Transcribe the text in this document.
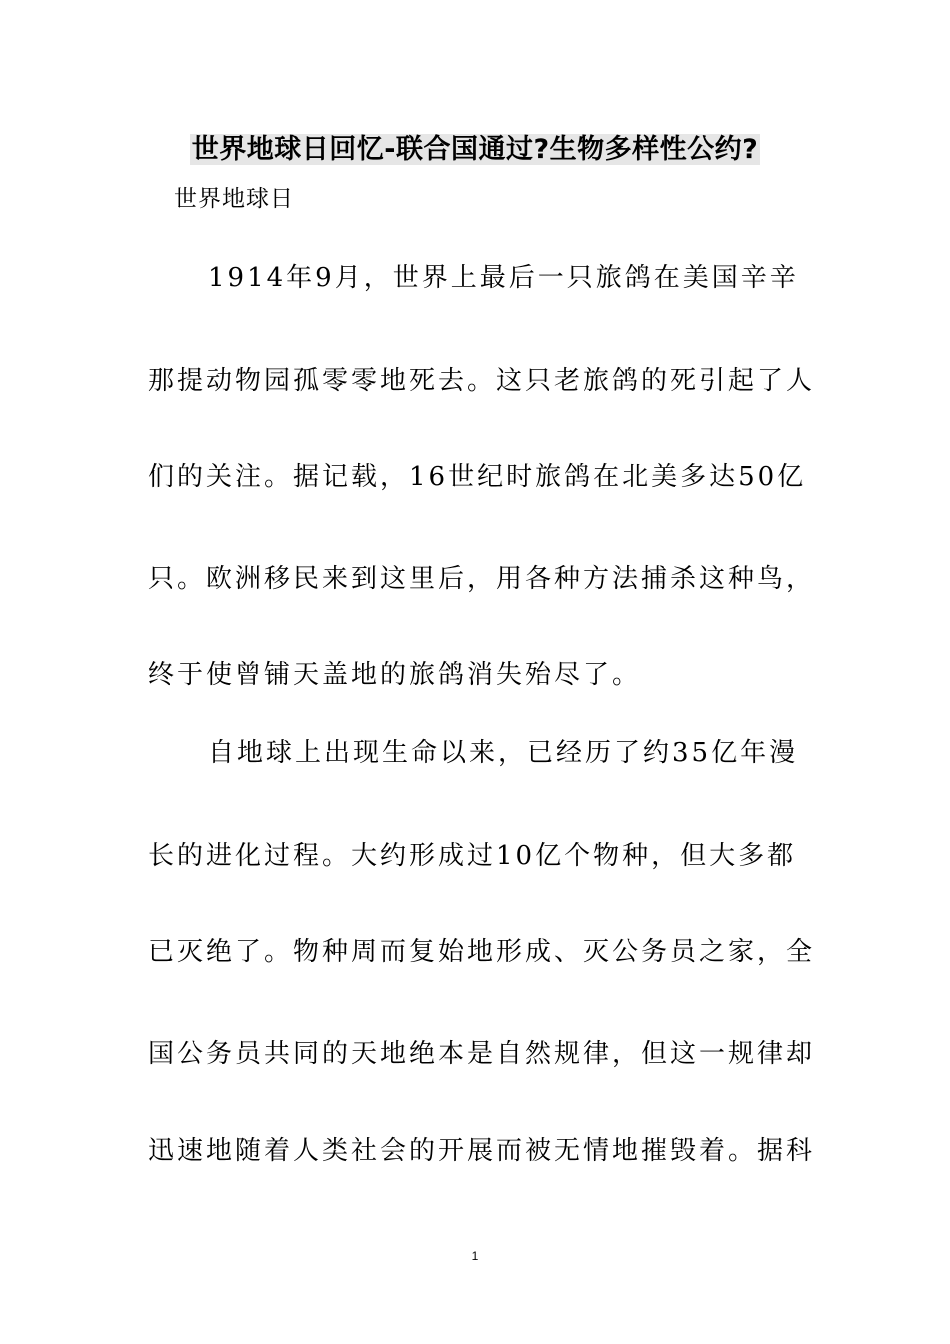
世界地球日回忆-联合国通过?生物多样性公约?
世界地球日
1914年9月，世界上最后一只旅鸽在美国辛辛
那提动物园孤零零地死去。这只老旅鸽的死引起了人
们的关注。据记载，16世纪时旅鸽在北美多达50亿
只。欧洲移民来到这里后，用各种方法捕杀这种鸟，
终于使曾铺天盖地的旅鸽消失殆尽了。
自地球上出现生命以来，已经历了约35亿年漫
长的进化过程。大约形成过10亿个物种，但大多都
已灭绝了。物种周而复始地形成、灭公务员之家，全
国公务员共同的天地绝本是自然规律，但这一规律却
迅速地随着人类社会的开展而被无情地摧毁着。据科
1
